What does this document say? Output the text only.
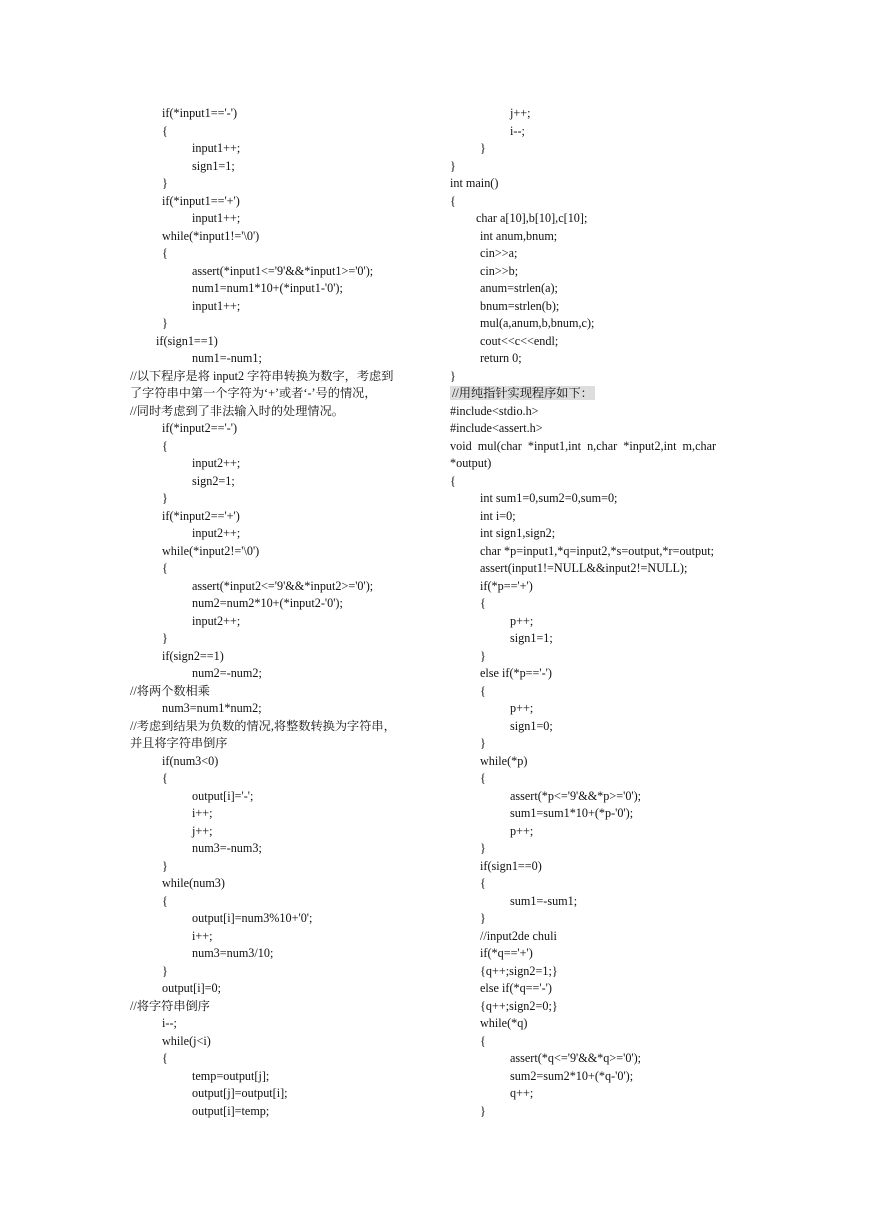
if(*input1=='-')
{
input1++;
sign1=1;
}
if(*input1=='+')
input1++;
while(*input1!='\0')
{
assert(*input1<='9'&&*input1>='0');
num1=num1*10+(*input1-'0');
input1++;
}
if(sign1==1)
num1=-num1;
//以下程序是将 input2 字符串转换为数字，考虑到
了字符串中第一个字符为‘+’或者‘-’号的情况，
//同时考虑到了非法输入时的处理情况。
if(*input2=='-')
{
input2++;
sign2=1;
}
if(*input2=='+')
input2++;
while(*input2!='\0')
{
assert(*input2<='9'&&*input2>='0');
num2=num2*10+(*input2-'0');
input2++;
}
if(sign2==1)
num2=-num2;
//将两个数相乘
num3=num1*num2;
//考虑到结果为负数的情况,将整数转换为字符串，
并且将字符串倒序
if(num3<0)
{
output[i]='-';
i++;
j++;
num3=-num3;
}
while(num3)
{
output[i]=num3%10+'0';
i++;
num3=num3/10;
}
output[i]=0;
//将字符串倒序
i--;
while(j<i)
{
temp=output[j];
output[j]=output[i];
output[i]=temp;
j++;
i--;
}
}
int main()
{
char a[10],b[10],c[10];
int anum,bnum;
cin>>a;
cin>>b;
anum=strlen(a);
bnum=strlen(b);
mul(a,anum,b,bnum,c);
cout<<c<<endl;
return 0;
}
//用纯指针实现程序如下：
#include<stdio.h>
#include<assert.h>
void  mul(char  *input1,int  n,char  *input2,int  m,char
*output)
{
int sum1=0,sum2=0,sum=0;
int i=0;
int sign1,sign2;
char *p=input1,*q=input2,*s=output,*r=output;
assert(input1!=NULL&&input2!=NULL);
if(*p=='+')
{
p++;
sign1=1;
}
else if(*p=='-')
{
p++;
sign1=0;
}
while(*p)
{
assert(*p<='9'&&*p>='0');
sum1=sum1*10+(*p-'0');
p++;
}
if(sign1==0)
{
sum1=-sum1;
}
//input2de chuli
if(*q=='+')
{q++;sign2=1;}
else if(*q=='-')
{q++;sign2=0;}
while(*q)
{
assert(*q<='9'&&*q>='0');
sum2=sum2*10+(*q-'0');
q++;
}
